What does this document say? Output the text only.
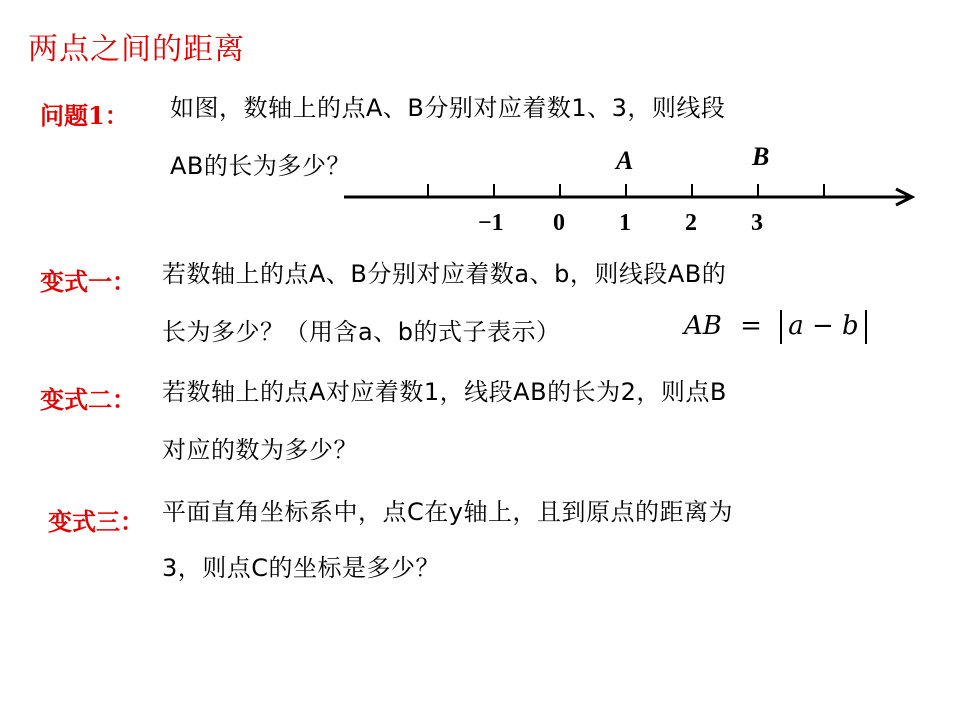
两点之间的距离
问题1： 如图，数轴上的点A、B分别对应着数1、3，则线段
AB的长为多少？
−1 0 1 2 3
A	B
变式一： 若数轴上的点A、B分别对应着数a、b，则线段AB的
长为多少？（用含a、b的式子表示）	AB = a − b
变式二： 若数轴上的点A对应着数1，线段AB的长为2，则点B
对应的数为多少？
变式三： 平面直角坐标系中，点C在y轴上，且到原点的距离为
3，则点C的坐标是多少？
